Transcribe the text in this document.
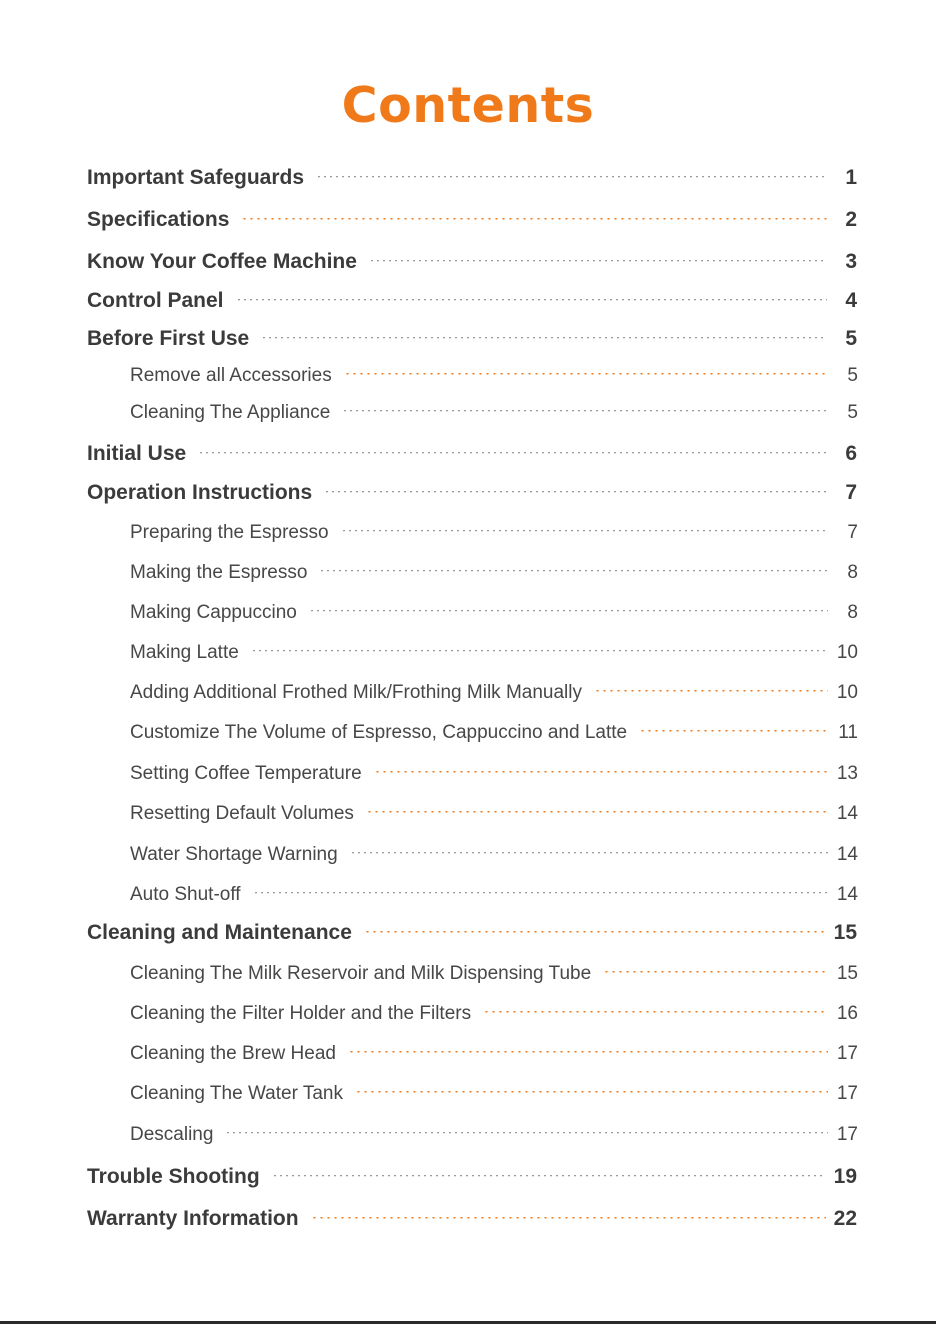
Contents
Important Safeguards	1
Specifications	2
Know Your Coffee Machine	3
Control Panel	4
Before First Use	5
Remove all Accessories	5
Cleaning The Appliance	5
Initial Use	6
Operation Instructions	7
Preparing the Espresso	7
Making the Espresso	8
Making Cappuccino	8
Making Latte	10
Adding Additional Frothed Milk/Frothing Milk Manually	10
Customize The Volume of Espresso, Cappuccino and Latte	11
Setting Coffee Temperature	13
Resetting Default Volumes	14
Water Shortage Warning	14
Auto Shut-off	14
Cleaning and Maintenance	15
Cleaning The Milk Reservoir and Milk Dispensing Tube	15
Cleaning the Filter Holder and the Filters	16
Cleaning the Brew Head	17
Cleaning The Water Tank	17
Descaling	17
Trouble Shooting	19
Warranty Information	22
